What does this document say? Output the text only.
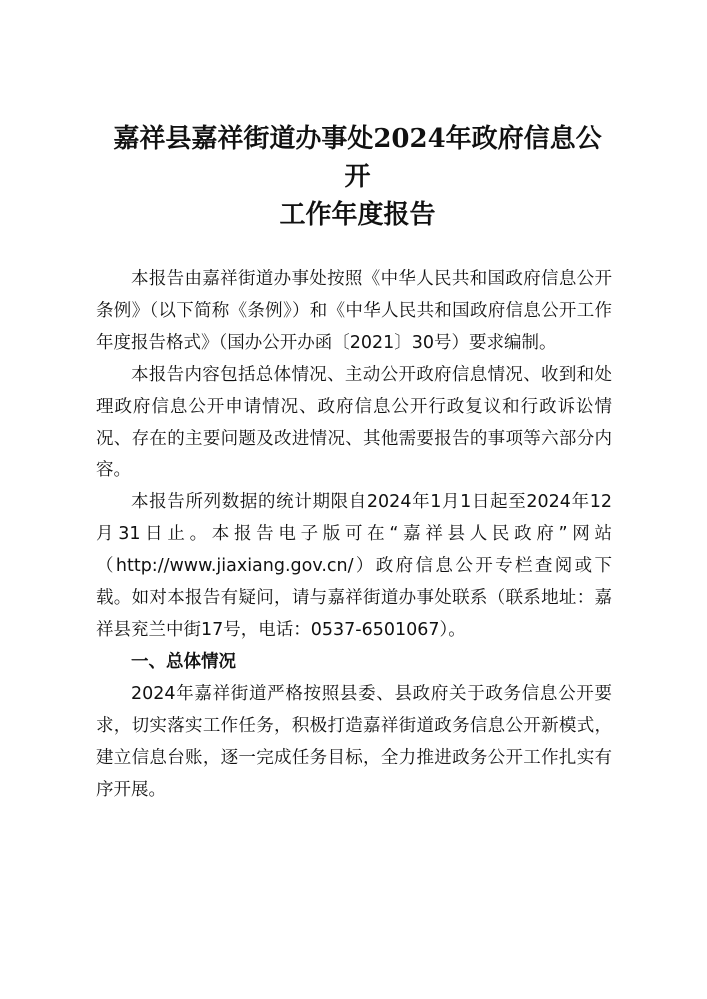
嘉祥县嘉祥街道办事处2024年政府信息公
开
工作年度报告

本报告由嘉祥街道办事处按照《中华人民共和国政府信息公开条例》（以下简称《条例》）和《中华人民共和国政府信息公开工作年度报告格式》（国办公开办函〔2021〕30号）要求编制。

本报告内容包括总体情况、主动公开政府信息情况、收到和处理政府信息公开申请情况、政府信息公开行政复议和行政诉讼情况、存在的主要问题及改进情况、其他需要报告的事项等六部分内容。

本报告所列数据的统计期限自2024年1月1日起至2024年12月31日止。本报告电子版可在“嘉祥县人民政府”网站（http://www.jiaxiang.gov.cn/）政府信息公开专栏查阅或下载。如对本报告有疑问，请与嘉祥街道办事处联系（联系地址：嘉祥县兖兰中街17号，电话：0537-6501067）。

一、总体情况

2024年嘉祥街道严格按照县委、县政府关于政务信息公开要求，切实落实工作任务，积极打造嘉祥街道政务信息公开新模式，建立信息台账，逐一完成任务目标，全力推进政务公开工作扎实有序开展。
